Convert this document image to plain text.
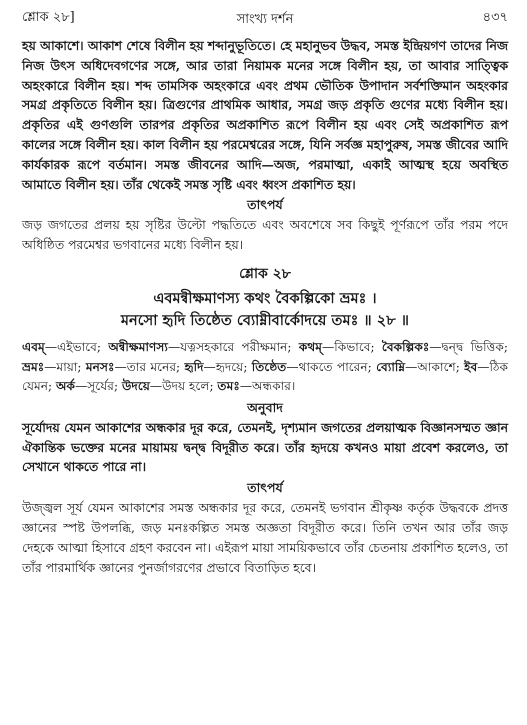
শ্লোক ২৮]	সাংখ্য দর্শন	৪৩৭

হয় আকাশে। আকাশ শেষে বিলীন হয় শব্দানুভূতিতে। হে মহানুভব উদ্ধব, সমস্ত ইন্দ্রিয়গণ তাদের নিজ নিজ উৎস অধিদেবগণের সঙ্গে, আর তারা নিয়ামক মনের সঙ্গে বিলীন হয়, তা আবার সাত্ত্বিক অহংকারে বিলীন হয়। শব্দ তামসিক অহংকারে এবং প্রথম ভৌতিক উপাদান সর্বশক্তিমান অহংকার সমগ্র প্রকৃতিতে বিলীন হয়। ত্রিগুণের প্রাথমিক আধার, সমগ্র জড় প্রকৃতি গুণের মধ্যে বিলীন হয়। প্রকৃতির এই গুণগুলি তারপর প্রকৃতির অপ্রকাশিত রূপে বিলীন হয় এবং সেই অপ্রকাশিত রূপ কালের সঙ্গে বিলীন হয়। কাল বিলীন হয় পরমেশ্বরের সঙ্গে, যিনি সর্বজ্ঞ মহাপুরুষ, সমস্ত জীবের আদি কার্যকারক রূপে বর্তমান। সমস্ত জীবনের আদি—অজ, পরমাত্মা, একাই আত্মস্থ হয়ে অবস্থিত আমাতে বিলীন হয়। তাঁর থেকেই সমস্ত সৃষ্টি এবং ধ্বংস প্রকাশিত হয়।

তাৎপর্য

জড় জগতের প্রলয় হয় সৃষ্টির উল্টো পদ্ধতিতে এবং অবশেষে সব কিছুই পূর্ণরূপে তাঁর পরম পদে অধিষ্ঠিত পরমেশ্বর ভগবানের মধ্যে বিলীন হয়।

শ্লোক ২৮

এবমন্বীক্ষমাণস্য কথং বৈকল্পিকো ভ্রমঃ ।

মনসো হৃদি তিষ্ঠেত ব্যোম্নীবার্কোদয়ে তমঃ ॥ ২৮ ॥

এবম্—এইভাবে; অন্বীক্ষমাণস্য—যত্নসহকারে পরীক্ষমান; কথম্—কিভাবে; বৈকল্পিকঃ—দ্বন্দ্ব ভিত্তিক; ভ্রমঃ—মায়া; মনসঃ—তার মনের; হৃদি—হৃদয়ে; তিষ্ঠেত—থাকতে পারেন; ব্যোম্নি—আকাশে; ইব—ঠিক যেমন; অর্ক—সূর্যের; উদয়ে—উদয় হলে; তমঃ—অন্ধকার।

অনুবাদ

সূর্যোদয় যেমন আকাশের অন্ধকার দূর করে, তেমনই, দৃশ্যমান জগতের প্রলয়াত্মক বিজ্ঞানসম্মত জ্ঞান ঐকান্তিক ভক্তের মনের মায়াময় দ্বন্দ্ব বিদূরীত করে। তাঁর হৃদয়ে কখনও মায়া প্রবেশ করলেও, তা সেখানে থাকতে পারে না।

তাৎপর্য

উজ্জ্বল সূর্য যেমন আকাশের সমস্ত অন্ধকার দূর করে, তেমনই ভগবান শ্রীকৃষ্ণ কর্তৃক উদ্ধবকে প্রদত্ত জ্ঞানের স্পষ্ট উপলব্ধি, জড় মনঃকল্পিত সমস্ত অজ্ঞতা বিদূরীত করে। তিনি তখন আর তাঁর জড় দেহকে আত্মা হিসাবে গ্রহণ করবেন না। এইরূপ মায়া সাময়িকভাবে তাঁর চেতনায় প্রকাশিত হলেও, তা তাঁর পারমার্থিক জ্ঞানের পুনর্জাগরণের প্রভাবে বিতাড়িত হবে।
